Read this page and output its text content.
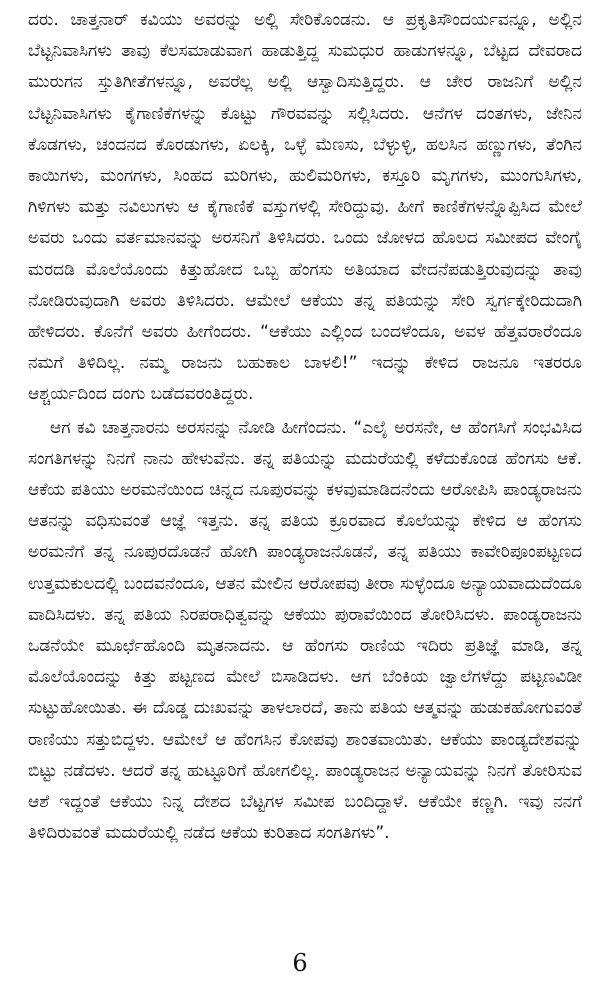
ದರು. ಚಾತ್ತನಾರ್ ಕವಿಯು ಅವರನ್ನು ಅಲ್ಲಿ ಸೇರಿಕೊಂಡನು. ಆ ಪ್ರಕೃತಿಸೌಂದರ್ಯವನ್ನೂ, ಅಲ್ಲಿನ ಬೆಟ್ಟನಿವಾಸಿಗಳು ತಾವು ಕೆಲಸಮಾಡುವಾಗ ಹಾಡುತ್ತಿದ್ದ ಸುಮಧುರ ಹಾಡುಗಳನ್ನೂ, ಬೆಟ್ಟದ ದೇವರಾದ ಮುರುಗನ ಸ್ತುತಿಗೀತೆಗಳನ್ನೂ, ಅವರೆಲ್ಲ ಅಲ್ಲಿ ಆಸ್ವಾದಿಸುತ್ತಿದ್ದರು. ಆ ಚೇರ ರಾಜನಿಗೆ ಅಲ್ಲಿನ ಬೆಟ್ಟನಿವಾಸಿಗಳು ಕೈಗಾಣಿಕೆಗಳನ್ನು ಕೊಟ್ಟು ಗೌರವವನ್ನು ಸಲ್ಲಿಸಿದರು. ಆನೆಗಳ ದಂತಗಳು, ಜೇನಿನ ಕೊಡಗಳು, ಚಂದನದ ಕೊರಡುಗಳು, ಏಲಕ್ಕಿ, ಒಳ್ಳೆ ಮೆಣಸು, ಬೆಳ್ಳುಳ್ಳಿ, ಹಲಸಿನ ಹಣ್ಣುಗಳು, ತೆಂಗಿನ ಕಾಯಿಗಳು, ಮಂಗಗಳು, ಸಿಂಹದ ಮರಿಗಳು, ಹುಲಿಮರಿಗಳು, ಕಸ್ತೂರಿ ಮೃಗಗಳು, ಮುಂಗುಸಿಗಳು, ಗಿಳಿಗಳು ಮತ್ತು ನವಿಲುಗಳು ಆ ಕೈಗಾಣಿಕೆ ವಸ್ತುಗಳಲ್ಲಿ ಸೇರಿದ್ದುವು. ಹೀಗೆ ಕಾಣಿಕೆಗಳನ್ನೊಪ್ಪಿಸಿದ ಮೇಲೆ ಅವರು ಒಂದು ವರ್ತಮಾನವನ್ನು ಅರಸನಿಗೆ ತಿಳಿಸಿದರು. ಒಂದು ಜೋಳದ ಹೊಲದ ಸಮೀಪದ ವೇಂಗೈ ಮರದಡಿ ಮೊಲೆಯೊಂದು ಕಿತ್ತುಹೋದ ಒಬ್ಬ ಹೆಂಗಸು ಅತಿಯಾದ ವೇದನೆಪಡುತ್ತಿರುವುದನ್ನು ತಾವು ನೋಡಿರುವುದಾಗಿ ಅವರು ತಿಳಿಸಿದರು. ಆಮೇಲೆ ಆಕೆಯು ತನ್ನ ಪತಿಯನ್ನು ಸೇರಿ ಸ್ವರ್ಗಕ್ಕೇರಿದುದಾಗಿ ಹೇಳಿದರು. ಕೊನೆಗೆ ಅವರು ಹೀಗೆಂದರು. “ಆಕೆಯು ಎಲ್ಲಿಂದ ಬಂದಳೆಂದೂ, ಅವಳ ಹೆತ್ತವರಾರೆಂದೂ ನಮಗೆ ತಿಳಿದಿಲ್ಲ. ನಮ್ಮ ರಾಜನು ಬಹುಕಾಲ ಬಾಳಲಿ!” ಇದನ್ನು ಕೇಳಿದ ರಾಜನೂ ಇತರರೂ ಆಶ್ಚರ್ಯದಿಂದ ದಂಗು ಬಡೆದವರಂತಿದ್ದರು.

ಆಗ ಕವಿ ಚಾತ್ತನಾರನು ಅರಸನನ್ನು ನೋಡಿ ಹೀಗೆಂದನು. “ಎಲೈ ಅರಸನೇ, ಆ ಹೆಂಗಸಿಗೆ ಸಂಭವಿಸಿದ ಸಂಗತಿಗಳನ್ನು ನಿನಗೆ ನಾನು ಹೇಳುವೆನು. ತನ್ನ ಪತಿಯನ್ನು ಮದುರೆಯಲ್ಲಿ ಕಳೆದುಕೊಂಡ ಹೆಂಗಸು ಆಕೆ. ಆಕೆಯ ಪತಿಯು ಅರಮನೆಯಿಂದ ಚಿನ್ನದ ನೂಪುರವನ್ನು ಕಳವುಮಾಡಿದನೆಂದು ಆರೋಪಿಸಿ ಪಾಂಡ್ಯರಾಜನು ಆತನನ್ನು ವಧಿಸುವಂತೆ ಆಜ್ಞೆ ಇತ್ತನು. ತನ್ನ ಪತಿಯ ಕ್ರೂರವಾದ ಕೊಲೆಯನ್ನು ಕೇಳಿದ ಆ ಹೆಂಗಸು ಅರಮನೆಗೆ ತನ್ನ ನೂಪುರದೊಡನೆ ಹೋಗಿ ಪಾಂಡ್ಯರಾಜನೊಡನೆ, ತನ್ನ ಪತಿಯು ಕಾವೇರಿಪೂಂಪಟ್ಟಣದ ಉತ್ತಮಕುಲದಲ್ಲಿ ಬಂದವನೆಂದೂ, ಆತನ ಮೇಲಿನ ಆರೋಪವು ತೀರಾ ಸುಳ್ಳೆಂದೂ ಅನ್ಯಾಯವಾದುದೆಂದೂ ವಾದಿಸಿದಳು. ತನ್ನ ಪತಿಯ ನಿರಪರಾಧಿತ್ವವನ್ನು ಆಕೆಯು ಪುರಾವೆಯಿಂದ ತೋರಿಸಿದಳು. ಪಾಂಡ್ಯರಾಜನು ಒಡನೆಯೇ ಮೂರ್ಛೆಹೊಂದಿ ಮೃತನಾದನು. ಆ ಹೆಂಗಸು ರಾಣಿಯ ಇದಿರು ಪ್ರತಿಜ್ಞೆ ಮಾಡಿ, ತನ್ನ ಮೊಲೆಯೊಂದನ್ನು ಕಿತ್ತು ಪಟ್ಟಣದ ಮೇಲೆ ಬಿಸಾಡಿದಳು. ಆಗ ಬೆಂಕಿಯ ಜ್ವಾಲೆಗಳೆದ್ದು ಪಟ್ಟಣವಿಡೀ ಸುಟ್ಟುಹೋಯಿತು. ಈ ದೊಡ್ಡ ದುಃಖವನ್ನು ತಾಳಲಾರದೆ, ತಾನು ಪತಿಯ ಆತ್ಮವನ್ನು ಹುಡುಕಹೋಗುವಂತೆ ರಾಣಿಯು ಸತ್ತುಬಿದ್ದಳು. ಆಮೇಲೆ ಆ ಹೆಂಗಸಿನ ಕೋಪವು ಶಾಂತವಾಯಿತು. ಆಕೆಯು ಪಾಂಡ್ಯದೇಶವನ್ನು ಬಿಟ್ಟು ನಡೆದಳು. ಆದರೆ ತನ್ನ ಹುಟ್ಟೂರಿಗೆ ಹೋಗಲಿಲ್ಲ. ಪಾಂಡ್ಯರಾಜನ ಅನ್ಯಾಯವನ್ನು ನಿನಗೆ ತೋರಿಸುವ ಆಶೆ ಇದ್ದಂತೆ ಆಕೆಯು ನಿನ್ನ ದೇಶದ ಬೆಟ್ಟಗಳ ಸಮೀಪ ಬಂದಿದ್ದಾಳೆ. ಆಕೆಯೇ ಕಣ್ಣಗಿ. ಇವು ನನಗೆ ತಿಳಿದಿರುವಂತೆ ಮದುರೆಯಲ್ಲಿ ನಡೆದ ಆಕೆಯ ಕುರಿತಾದ ಸಂಗತಿಗಳು”.

6
